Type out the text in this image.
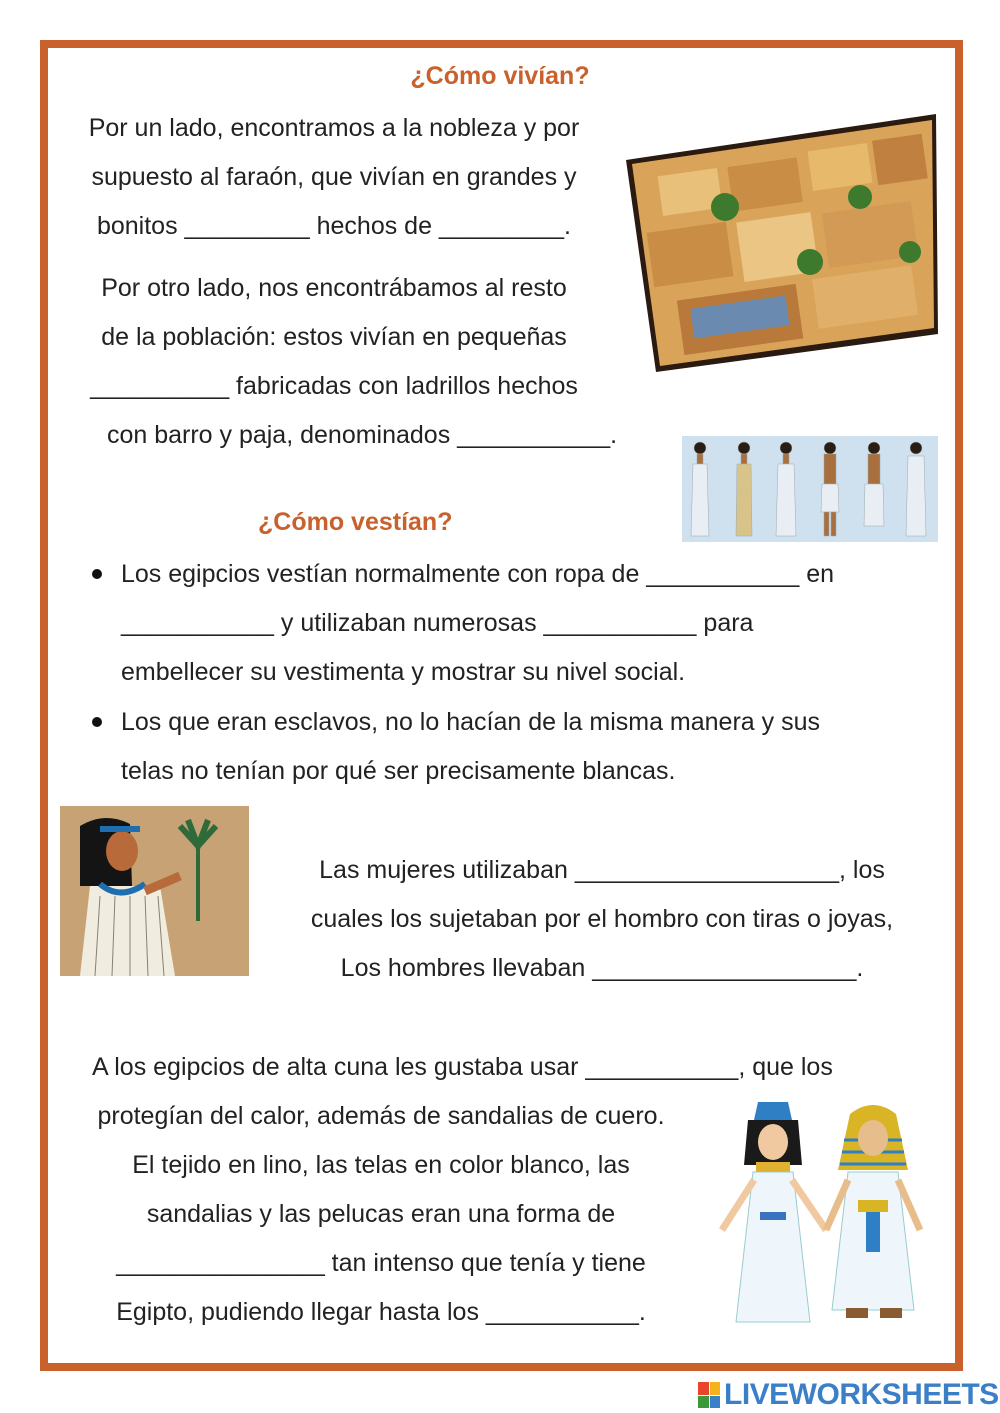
¿Cómo vivían?
Por un lado, encontramos a la nobleza y por
supuesto al faraón, que vivían en grandes y
bonitos _________ hechos de _________.
Por otro lado, nos encontrábamos al resto
de la población: estos vivían en pequeñas
__________ fabricadas con ladrillos hechos
con barro y paja, denominados ___________.
¿Cómo vestían?
Los egipcios vestían normalmente con ropa de ___________ en
___________ y utilizaban numerosas ___________ para
embellecer su vestimenta y mostrar su nivel social.
Los que eran esclavos, no lo hacían de la misma manera y sus
telas no tenían por qué ser precisamente blancas.
Las mujeres utilizaban ___________________, los
cuales los sujetaban por el hombro con tiras o joyas,
Los hombres llevaban ___________________.
A los egipcios de alta cuna les gustaba usar ___________, que los
protegían del calor, además de sandalias de cuero.
El tejido en lino, las telas en color blanco, las
sandalias y las pelucas eran una forma de
_______________ tan intenso que tenía y tiene
Egipto, pudiendo llegar hasta los ___________.
LIVEWORKSHEETS
